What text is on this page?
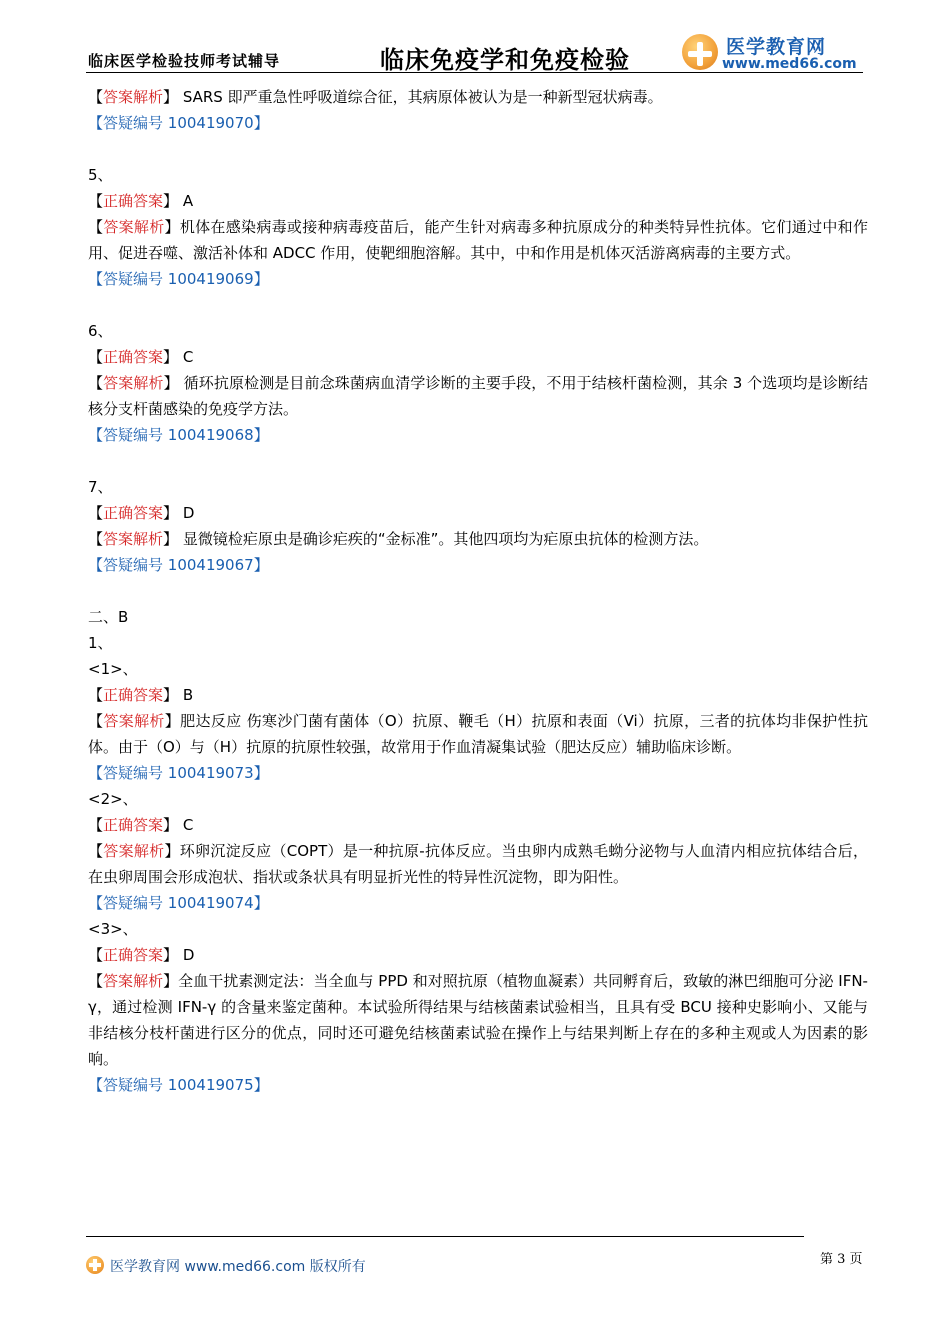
临床医学检验技师考试辅导	临床免疫学和免疫检验	医学教育网
www.med66.com
【答案解析】 SARS 即严重急性呼吸道综合征，其病原体被认为是一种新型冠状病毒。
【答疑编号 100419070】
5、
【正确答案】 A
【答案解析】机体在感染病毒或接种病毒疫苗后，能产生针对病毒多种抗原成分的种类特异性抗体。它们通过中和作用、促进吞噬、激活补体和 ADCC 作用，使靶细胞溶解。其中，中和作用是机体灭活游离病毒的主要方式。
【答疑编号 100419069】
6、
【正确答案】 C
【答案解析】 循环抗原检测是目前念珠菌病血清学诊断的主要手段，不用于结核杆菌检测，其余 3 个选项均是诊断结核分支杆菌感染的免疫学方法。
【答疑编号 100419068】
7、
【正确答案】 D
【答案解析】 显微镜检疟原虫是确诊疟疾的“金标准”。其他四项均为疟原虫抗体的检测方法。
【答疑编号 100419067】
二、B
1、
<1>、
【正确答案】 B
【答案解析】肥达反应 伤寒沙门菌有菌体（O）抗原、鞭毛（H）抗原和表面（Vi）抗原，三者的抗体均非保护性抗体。由于（O）与（H）抗原的抗原性较强，故常用于作血清凝集试验（肥达反应）辅助临床诊断。
【答疑编号 100419073】
<2>、
【正确答案】 C
【答案解析】环卵沉淀反应（COPT）是一种抗原-抗体反应。当虫卵内成熟毛蚴分泌物与人血清内相应抗体结合后，在虫卵周围会形成泡状、指状或条状具有明显折光性的特异性沉淀物，即为阳性。
【答疑编号 100419074】
<3>、
【正确答案】 D
【答案解析】全血干扰素测定法：当全血与 PPD 和对照抗原（植物血凝素）共同孵育后，致敏的淋巴细胞可分泌 IFN-γ，通过检测 IFN-γ 的含量来鉴定菌种。本试验所得结果与结核菌素试验相当，且具有受 BCU 接种史影响小、又能与非结核分枝杆菌进行区分的优点，同时还可避免结核菌素试验在操作上与结果判断上存在的多种主观或人为因素的影响。
【答疑编号 100419075】
医学教育网 www.med66.com 版权所有	第 3 页
